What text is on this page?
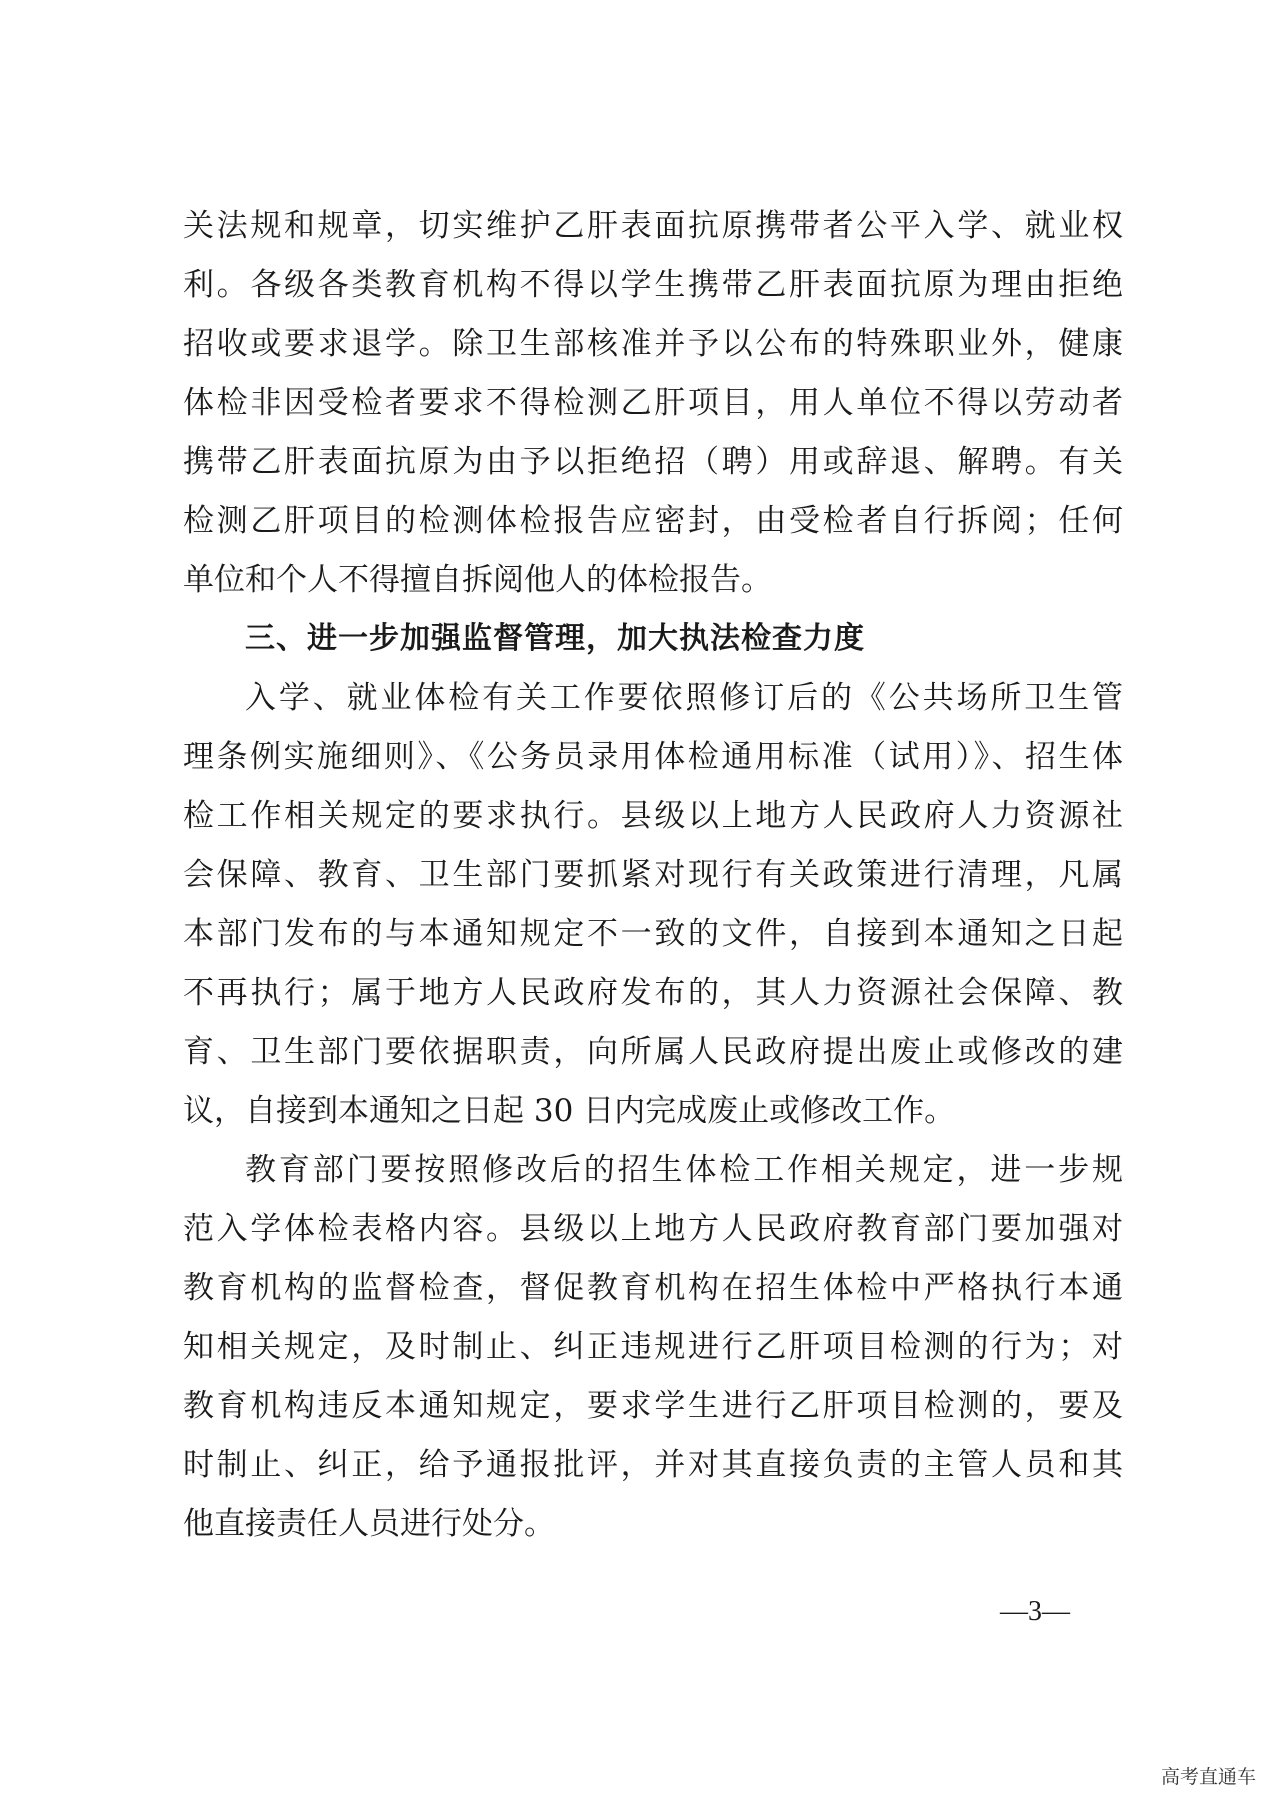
关法规和规章，切实维护乙肝表面抗原携带者公平入学、就业权
利。各级各类教育机构不得以学生携带乙肝表面抗原为理由拒绝
招收或要求退学。除卫生部核准并予以公布的特殊职业外，健康
体检非因受检者要求不得检测乙肝项目，用人单位不得以劳动者
携带乙肝表面抗原为由予以拒绝招（聘）用或辞退、解聘。有关
检测乙肝项目的检测体检报告应密封，由受检者自行拆阅；任何
单位和个人不得擅自拆阅他人的体检报告。
三、进一步加强监督管理，加大执法检查力度
入学、就业体检有关工作要依照修订后的《公共场所卫生管
理条例实施细则》、《公务员录用体检通用标准（试用）》、招生体
检工作相关规定的要求执行。县级以上地方人民政府人力资源社
会保障、教育、卫生部门要抓紧对现行有关政策进行清理，凡属
本部门发布的与本通知规定不一致的文件，自接到本通知之日起
不再执行；属于地方人民政府发布的，其人力资源社会保障、教
育、卫生部门要依据职责，向所属人民政府提出废止或修改的建
议，自接到本通知之日起 30 日内完成废止或修改工作。
教育部门要按照修改后的招生体检工作相关规定，进一步规
范入学体检表格内容。县级以上地方人民政府教育部门要加强对
教育机构的监督检查，督促教育机构在招生体检中严格执行本通
知相关规定，及时制止、纠正违规进行乙肝项目检测的行为；对
教育机构违反本通知规定，要求学生进行乙肝项目检测的，要及
时制止、纠正，给予通报批评，并对其直接负责的主管人员和其
他直接责任人员进行处分。
—3—
高考直通车
